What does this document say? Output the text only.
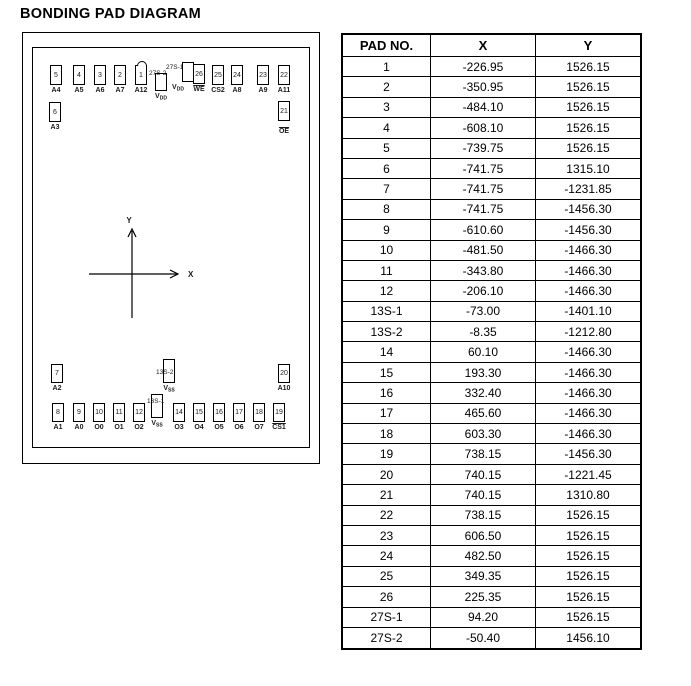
BONDING PAD DIAGRAM
Y
X
5
A4
4
A5
3
A6
2
A7
1
A12
27S-2
$V_{DD}$
27S-1
$V_{DD}$
26
$\overline{WE}$
25
CS2
24
A8
23
A9
22
A11
6
A3
21
$\overline{OE}$
7
A2
20
A10
8
A1
9
A0
10
O0
11
O1
12
O2
13S-1
$V_{SS}$
13S-2
$V_{SS}$
14
O3
15
O4
16
O5
17
O6
18
O7
19
CS1
PAD NO.	X	Y
1	-226.95	1526.15
2	-350.95	1526.15
3	-484.10	1526.15
4	-608.10	1526.15
5	-739.75	1526.15
6	-741.75	1315.10
7	-741.75	-1231.85
8	-741.75	-1456.30
9	-610.60	-1456.30
10	-481.50	-1466.30
11	-343.80	-1466.30
12	-206.10	-1466.30
13S-1	-73.00	-1401.10
13S-2	-8.35	-1212.80
14	60.10	-1466.30
15	193.30	-1466.30
16	332.40	-1466.30
17	465.60	-1466.30
18	603.30	-1466.30
19	738.15	-1456.30
20	740.15	-1221.45
21	740.15	1310.80
22	738.15	1526.15
23	606.50	1526.15
24	482.50	1526.15
25	349.35	1526.15
26	225.35	1526.15
27S-1	94.20	1526.15
27S-2	-50.40	1456.10
